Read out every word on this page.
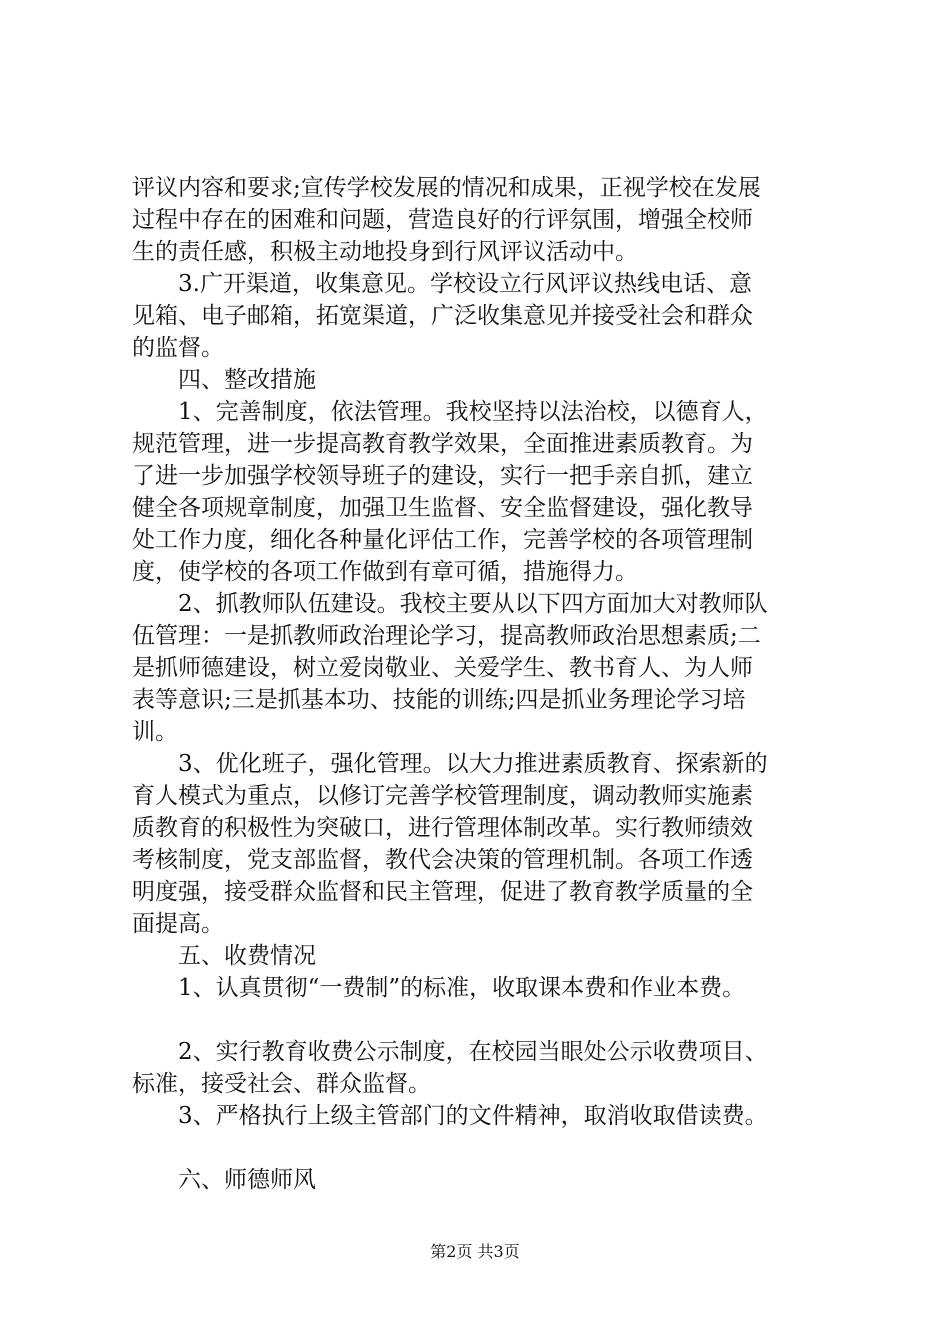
评议内容和要求;宣传学校发展的情况和成果，正视学校在发展
过程中存在的困难和问题，营造良好的行评氛围，增强全校师
生的责任感，积极主动地投身到行风评议活动中。
3.广开渠道，收集意见。学校设立行风评议热线电话、意
见箱、电子邮箱，拓宽渠道，广泛收集意见并接受社会和群众
的监督。
四、整改措施
1、完善制度，依法管理。我校坚持以法治校，以德育人，
规范管理，进一步提高教育教学效果，全面推进素质教育。为
了进一步加强学校领导班子的建设，实行一把手亲自抓，建立
健全各项规章制度，加强卫生监督、安全监督建设，强化教导
处工作力度，细化各种量化评估工作，完善学校的各项管理制
度，使学校的各项工作做到有章可循，措施得力。
2、抓教师队伍建设。我校主要从以下四方面加大对教师队
伍管理：一是抓教师政治理论学习，提高教师政治思想素质;二
是抓师德建设，树立爱岗敬业、关爱学生、教书育人、为人师
表等意识;三是抓基本功、技能的训练;四是抓业务理论学习培
训。
3、优化班子，强化管理。以大力推进素质教育、探索新的
育人模式为重点，以修订完善学校管理制度，调动教师实施素
质教育的积极性为突破口，进行管理体制改革。实行教师绩效
考核制度，党支部监督，教代会决策的管理机制。各项工作透
明度强，接受群众监督和民主管理，促进了教育教学质量的全
面提高。
五、收费情况
1、认真贯彻“一费制”的标准，收取课本费和作业本费。
2、实行教育收费公示制度，在校园当眼处公示收费项目、
标准，接受社会、群众监督。
3、严格执行上级主管部门的文件精神，取消收取借读费。
六、师德师风
第2页 共3页
